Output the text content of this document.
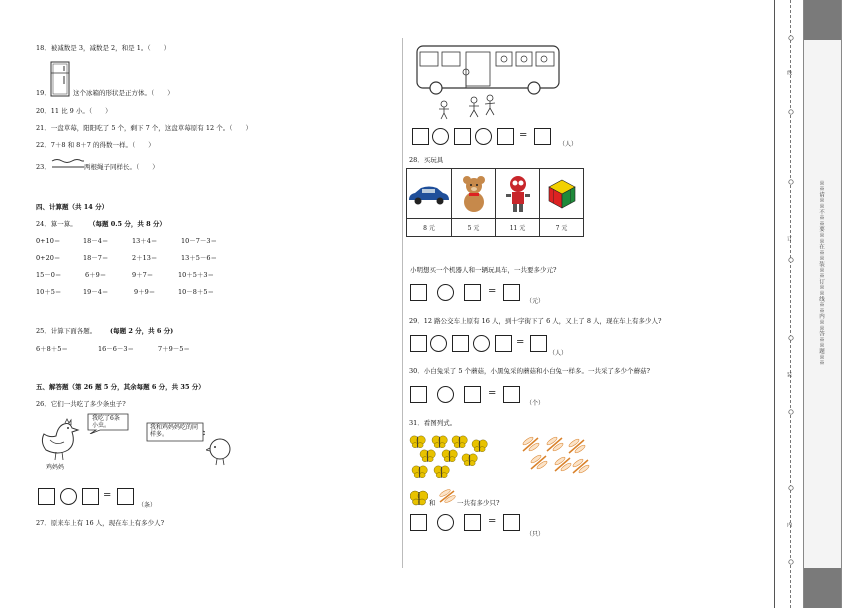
18．被减数是 3，减数是 2，和是 1。（　　）
19．	这个冰箱的形状是正方体。（　　）
20．11 比 9 小。（　　）
21．一盘草莓，阳阳吃了 5 个，剩下 7 个，这盘草莓原有 12 个。（　　）
22．7＋8 和 8＋7 的得数一样。（　　）
23．	两根绳子同样长。（　　）
四、计算题（共 14 分）
24．算一算。 （每题 0.5 分，共 8 分）
0+10＝	18－4＝	13＋4＝	10－7－3＝
0+20＝	18－7＝	2＋13＝	13＋5－6＝
15－0＝	6＋9＝	9＋7＝	10＋5＋3＝
10＋5＝	19－4＝	9＋9＝	10－8＋5＝
25．计算下面各题。 (每题 2 分，共 6 分)
6＋8＋5＝	16－6－3＝	7＋9－5＝
五、解答题（第 26 题 5 分，其余每题 6 分，共 35 分）
26．它们一共吃了多少条虫子?
鸡妈妈
我吃了6条小虫。	我和鸡妈妈吃的同样多。
=
（条）
27．原来车上有 16 人，现在车上有多少人?
=
（人）
28．买玩具

8 元	5 元	11 元	7 元
小明想买一个机器人和一辆玩具车，一共要多少元?
=
（元）
29．12 路公交车上原有 16 人，到十字街下了 6 人，又上了 8 人，现在车上有多少人?
=
（人）
30．小白兔采了 5 个蘑菇，小黑兔采的蘑菇和小白兔一样多。一共采了多少个蘑菇?
=
（个）
31．看图列式。
和	一共有多少只?
=
（只）
线
订
装
内
※※请※※不※※要※※在※※装※※订※※线※※内※※答※※题※※
